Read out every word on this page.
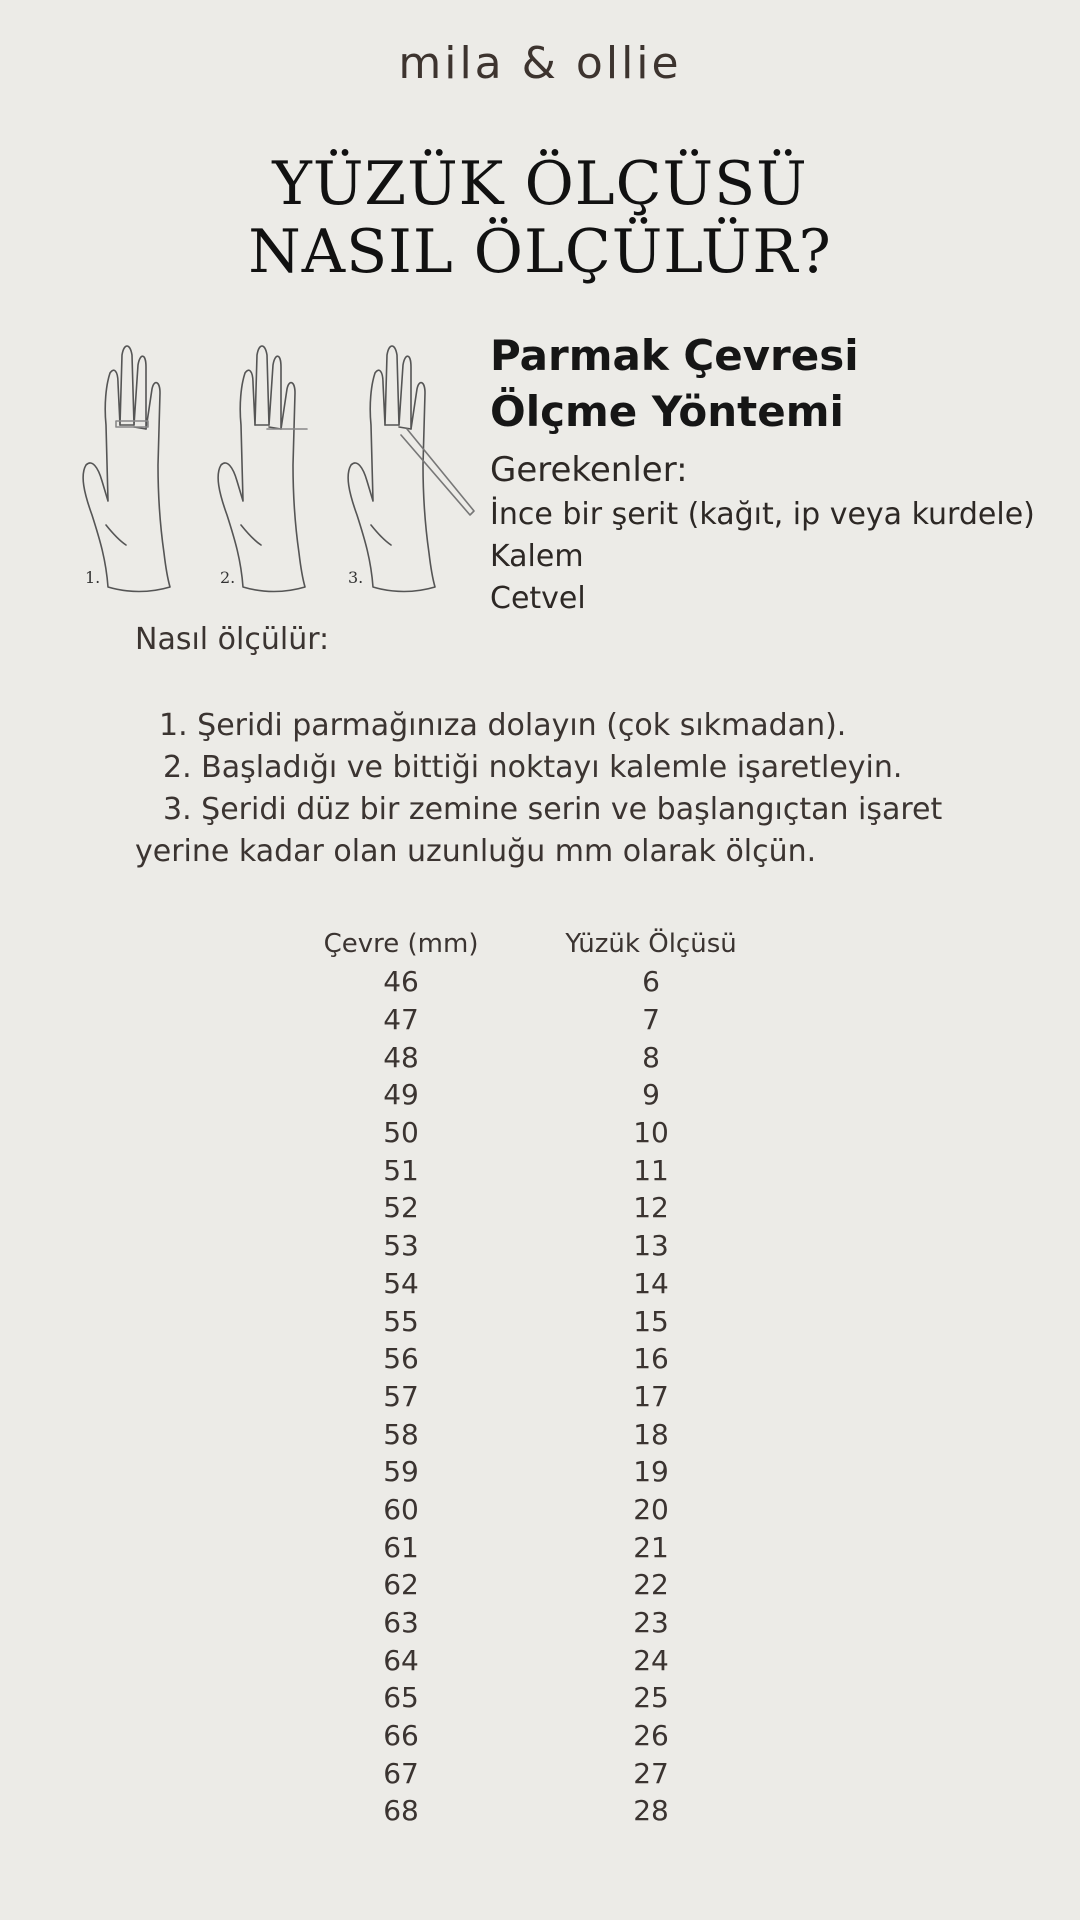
mila & ollie
YÜZÜK ÖLÇÜSÜ
NASIL ÖLÇÜLÜR?
1.	2.	3.
Parmak Çevresi
Ölçme Yöntemi
Gerekenler:
İnce bir şerit (kağıt, ip veya kurdele)
Kalem
Cetvel
Nasıl ölçülür:
1. Şeridi parmağınıza dolayın (çok sıkmadan).
2. Başladığı ve bittiği noktayı kalemle işaretleyin.
3. Şeridi düz bir zemine serin ve başlangıçtan işaret
yerine kadar olan uzunluğu mm olarak ölçün.
Çevre (mm)	Yüzük Ölçüsü
46	6
47	7
48	8
49	9
50	10
51	11
52	12
53	13
54	14
55	15
56	16
57	17
58	18
59	19
60	20
61	21
62	22
63	23
64	24
65	25
66	26
67	27
68	28
